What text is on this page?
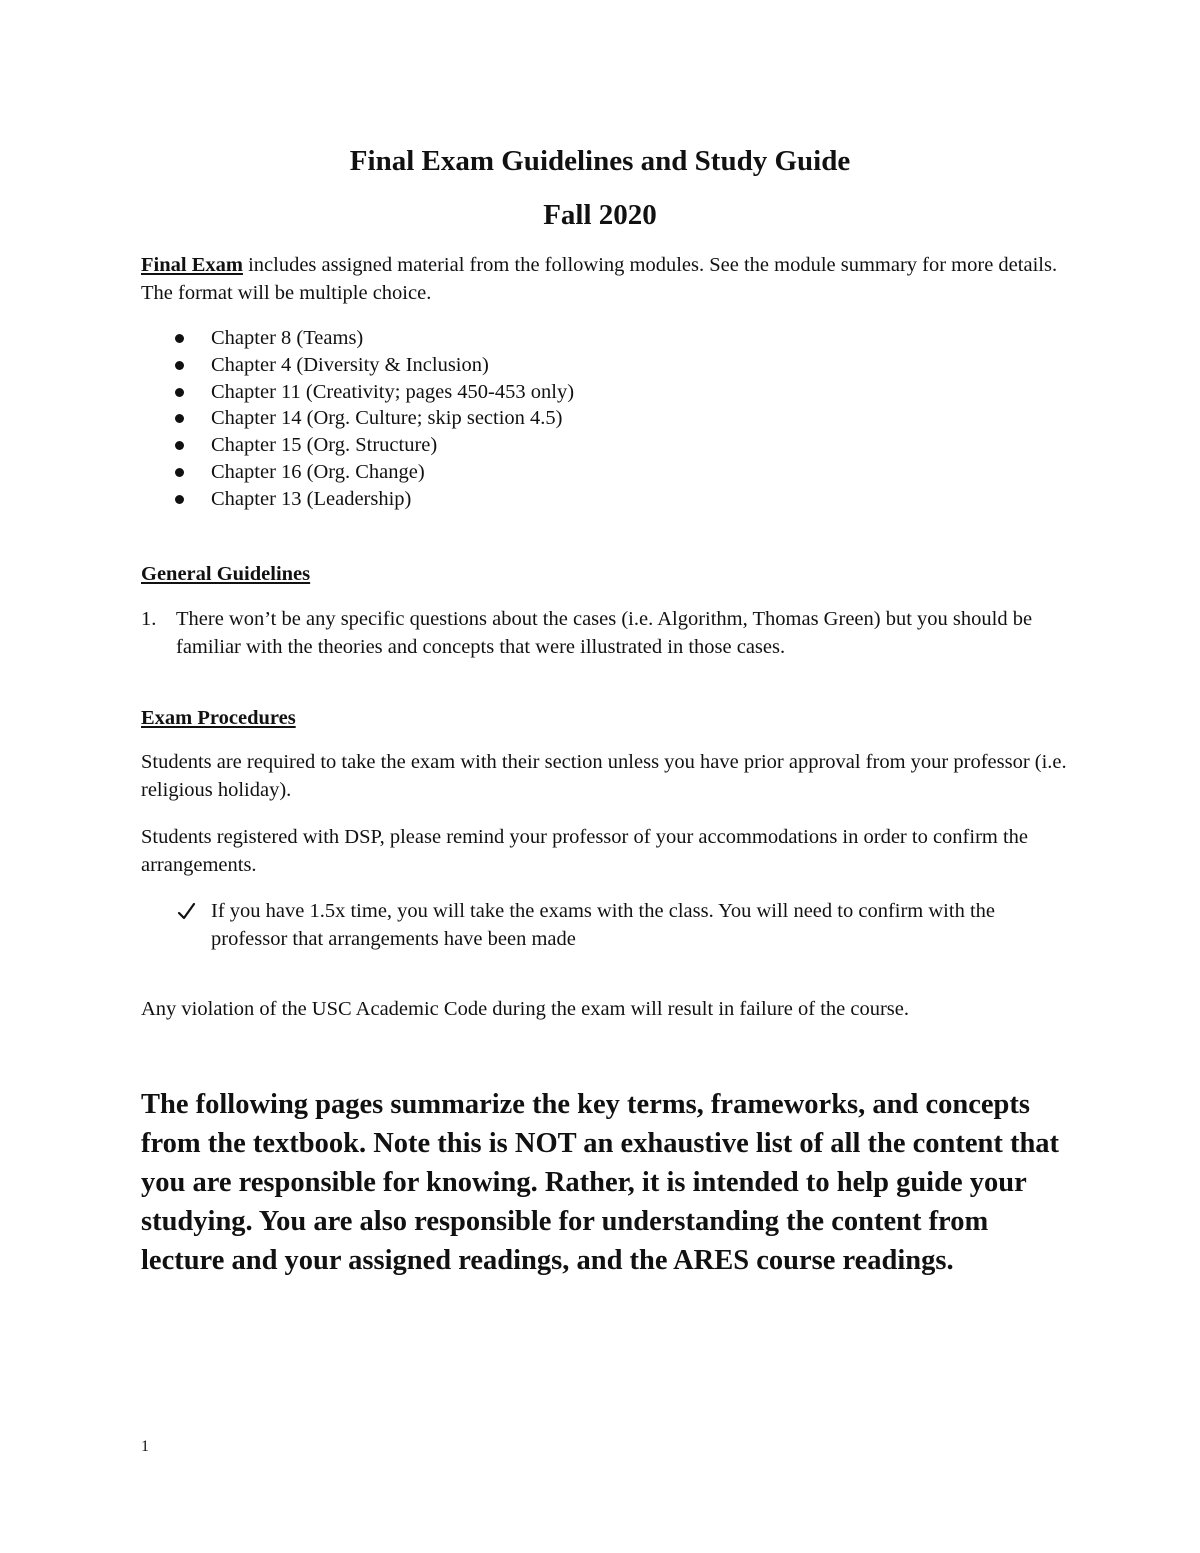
Final Exam Guidelines and Study Guide
Fall 2020
Final Exam includes assigned material from the following modules. See the module summary for more details. The format will be multiple choice.
Chapter 8 (Teams)
Chapter 4 (Diversity & Inclusion)
Chapter 11 (Creativity; pages 450-453 only)
Chapter 14 (Org. Culture; skip section 4.5)
Chapter 15 (Org. Structure)
Chapter 16 (Org. Change)
Chapter 13 (Leadership)
General Guidelines
1. There won’t be any specific questions about the cases (i.e. Algorithm, Thomas Green) but you should be familiar with the theories and concepts that were illustrated in those cases.
Exam Procedures
Students are required to take the exam with their section unless you have prior approval from your professor (i.e. religious holiday).
Students registered with DSP, please remind your professor of your accommodations in order to confirm the arrangements.
If you have 1.5x time, you will take the exams with the class. You will need to confirm with the professor that arrangements have been made
Any violation of the USC Academic Code during the exam will result in failure of the course.
The following pages summarize the key terms, frameworks, and concepts from the textbook. Note this is NOT an exhaustive list of all the content that you are responsible for knowing. Rather, it is intended to help guide your studying. You are also responsible for understanding the content from lecture and your assigned readings, and the ARES course readings.
1
